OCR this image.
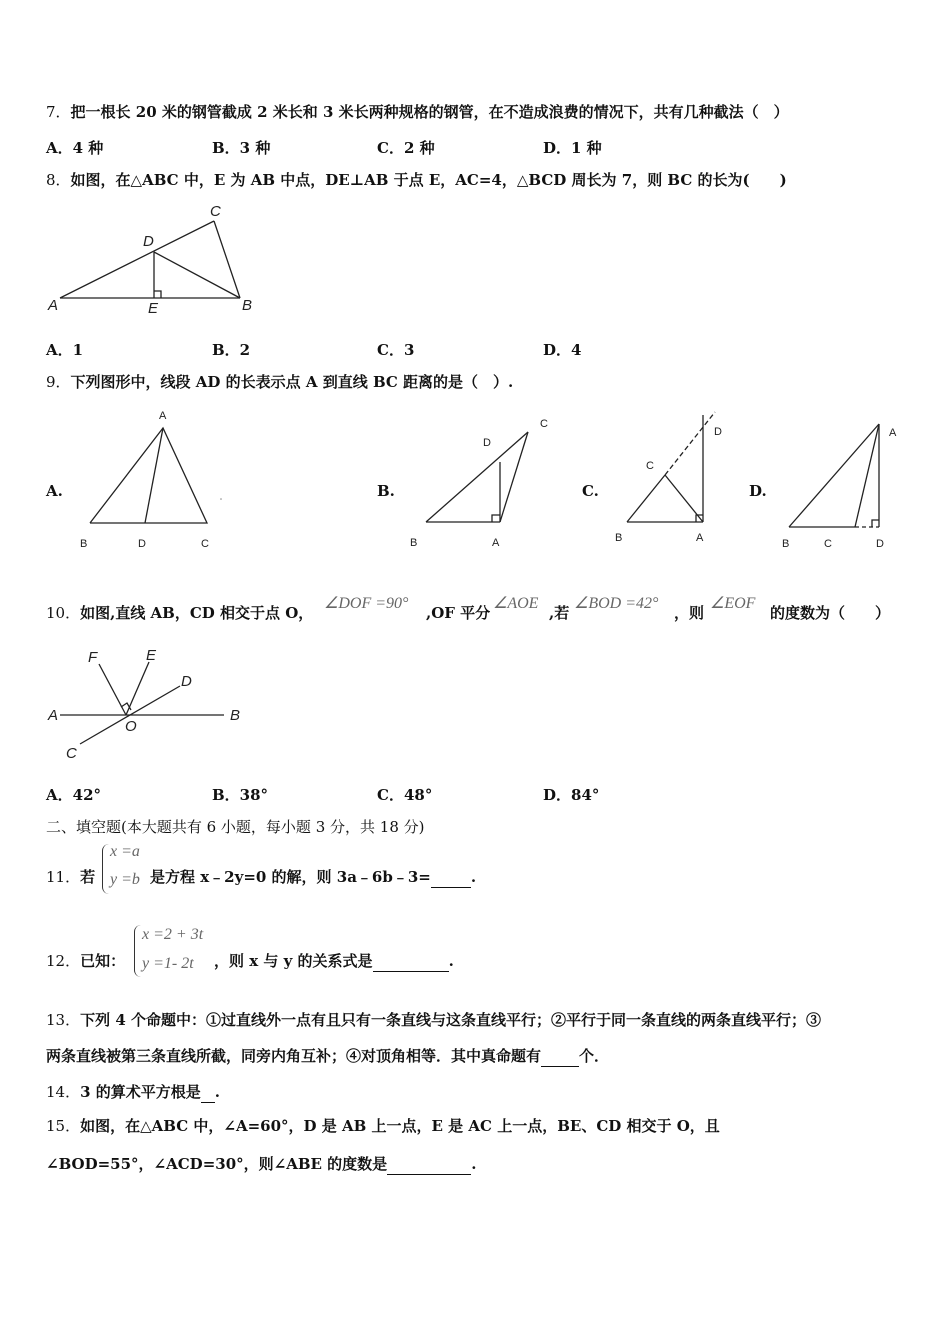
7．把一根长 20 米的钢管截成 2 米长和 3 米长两种规格的钢管，在不造成浪费的情况下，共有几种截法（　）
A．4 种	B．3 种	C．2 种	D．1 种
8．如图，在△ABC 中，E 为 AB 中点，DE⊥AB 于点 E，AC=4，△BCD 周长为 7，则 BC 的长为(　　)
A	B
C
D
E
A．1	B．2	C．3	D．4
9．下列图形中，线段 AD 的长表示点 A 到直线 BC 距离的是（　）.
A.
A
B	D	C
B.
C
D
B	A
C.
D
C
B	A
D.
A
B	C	D
10．如图,直线 AB，CD 相交于点 O，
∠DOF =90°
,OF 平分
∠AOE
,若
∠BOD =42°
，则
∠EOF
的度数为（　　）
F	E
D
A
O
B
C
A．42°	B．38°	C．48°	D．84°
二、填空题(本大题共有 6 小题，每小题 3 分，共 18 分)
11．若
x =a
y =b 是方程 x﹣2y=0 的解，则 3a﹣6b﹣3=	.
12．已知：
x =2 + 3t
y =1- 2t ，则 x 与 y 的关系式是	.
13．下列 4 个命题中：①过直线外一点有且只有一条直线与这条直线平行；②平行于同一条直线的两条直线平行；③
两条直线被第三条直线所截，同旁内角互补；④对顶角相等．其中真命题有	个．
14．3 的算术平方根是 .
15．如图，在△ABC 中，∠A=60°，D 是 AB 上一点，E 是 AC 上一点，BE、CD 相交于 O，且
∠BOD=55°，∠ACD=30°，则∠ABE 的度数是	.
